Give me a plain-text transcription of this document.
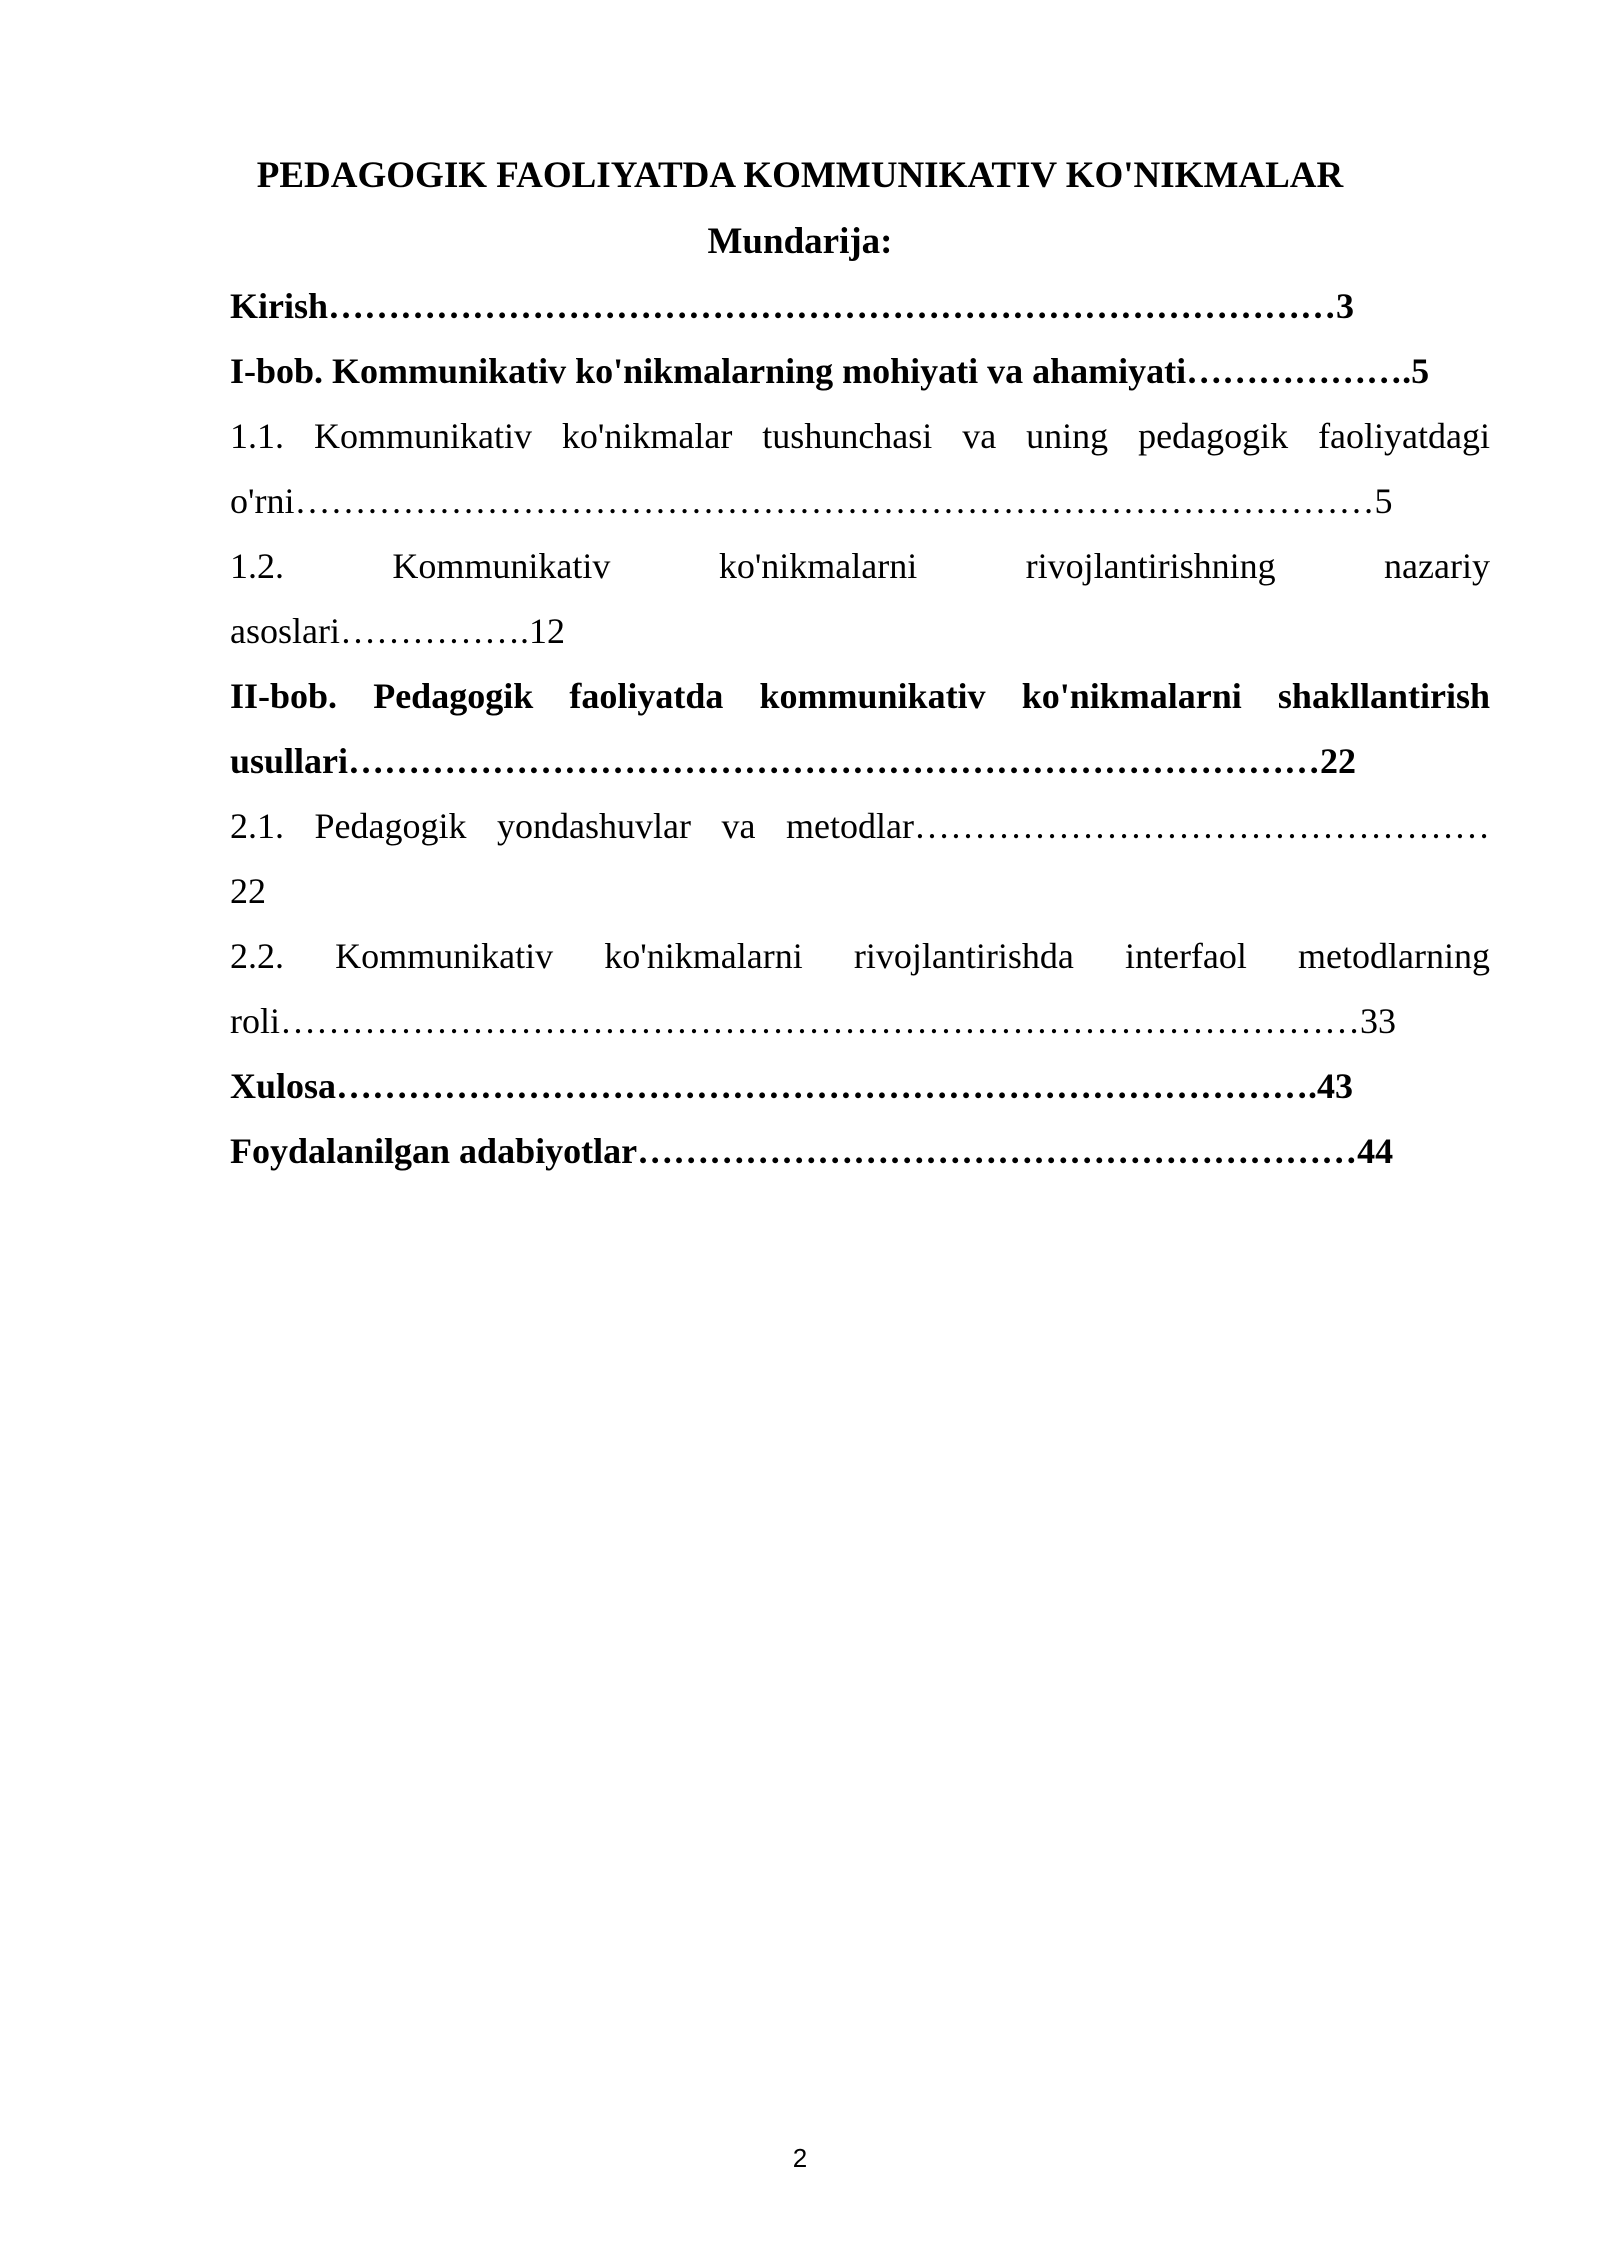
PEDAGOGIK FAOLIYATDA KOMMUNIKATIV KO'NIKMALAR
Mundarija:
Kirish…………………………………………………………………………3
I-bob. Kommunikativ ko'nikmalarning mohiyati va ahamiyati……………….5
1.1. Kommunikativ ko'nikmalar tushunchasi va uning pedagogik faoliyatdagi
o'rni………………………………………………………………………………5
1.2. Kommunikativ ko'nikmalarni rivojlantirishning nazariy
asoslari…………….12
II-bob. Pedagogik faoliyatda kommunikativ ko'nikmalarni shakllantirish
usullari………………………………………………………………………22
2.1. Pedagogik yondashuvlar va metodlar…………………………………………
22
2.2. Kommunikativ ko'nikmalarni rivojlantirishda interfaol metodlarning
roli………………………………………………………………………………33
Xulosa……………………………………………………………………….43
Foydalanilgan adabiyotlar……………………………………………………44
2
